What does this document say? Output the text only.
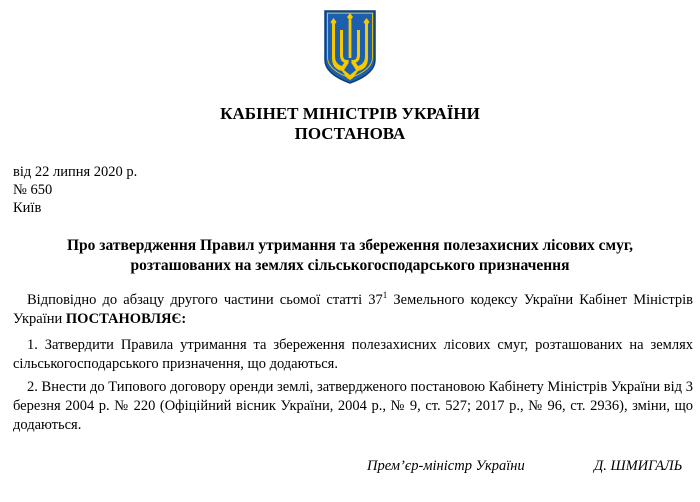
КАБІНЕТ МІНІСТРІВ УКРАЇНИ
ПОСТАНОВА
від 22 липня 2020 р.
№ 650
Київ
Про затвердження Правил утримання та збереження полезахисних лісових смуг,
розташованих на землях сільськогосподарського призначення
Відповідно до абзацу другого частини сьомої статті $37^1$ Земельного кодексу України Кабінет Міністрів України ПОСТАНОВЛЯЄ:
1. Затвердити Правила утримання та збереження полезахисних лісових смуг, розташованих на землях сільськогосподарського призначення, що додаються.
2. Внести до Типового договору оренди землі, затвердженого постановою Кабінету Міністрів України від 3 березня 2004 р. № 220 (Офіційний вісник України, 2004 р., № 9, ст. 527; 2017 р., № 96, ст. 2936), зміни, що додаються.
Прем’єр-міністр України	Д. ШМИГАЛЬ
